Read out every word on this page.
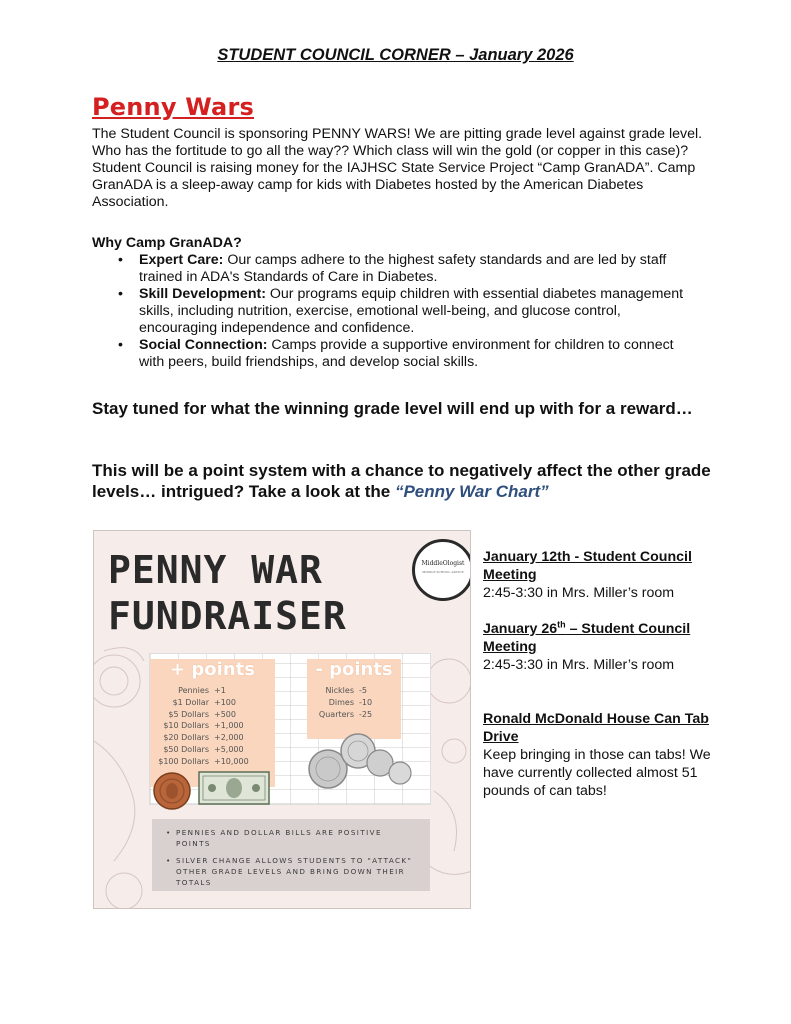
STUDENT COUNCIL CORNER – January 2026
Penny Wars

The Student Council is sponsoring PENNY WARS! We are pitting grade level against grade level. Who has the fortitude to go all the way?? Which class will win the gold (or copper in this case)? Student Council is raising money for the IAJHSC State Service Project “Camp GranADA”. Camp GranADA is a sleep-away camp for kids with Diabetes hosted by the American Diabetes Association.

Why Camp GranADA?
• Expert Care: Our camps adhere to the highest safety standards and are led by staff trained in ADA's Standards of Care in Diabetes.
• Skill Development: Our programs equip children with essential diabetes management skills, including nutrition, exercise, emotional well-being, and glucose control, encouraging independence and confidence.
• Social Connection: Camps provide a supportive environment for children to connect with peers, build friendships, and develop social skills.

Stay tuned for what the winning grade level will end up with for a reward…

This will be a point system with a chance to negatively affect the other grade levels… intrigued? Take a look at the “Penny War Chart”

PENNY WAR
FUNDRAISER
MiddleOlogist
MIDDLE SCHOOL ADVICE
+ points
Pennies +1
$1 Dollar +100
$5 Dollars +500
$10 Dollars +1,000
$20 Dollars +2,000
$50 Dollars +5,000
$100 Dollars +10,000
- points
Nickles -5
Dimes -10
Quarters -25
• PENNIES AND DOLLAR BILLS ARE POSITIVE POINTS
• SILVER CHANGE ALLOWS STUDENTS TO "ATTACK" OTHER GRADE LEVELS AND BRING DOWN THEIR TOTALS
January 12th - Student Council Meeting
2:45-3:30 in Mrs. Miller’s room
January 26th – Student Council Meeting
2:45-3:30 in Mrs. Miller’s room
Ronald McDonald House Can Tab Drive
Keep bringing in those can tabs! We have currently collected almost 51 pounds of can tabs!
